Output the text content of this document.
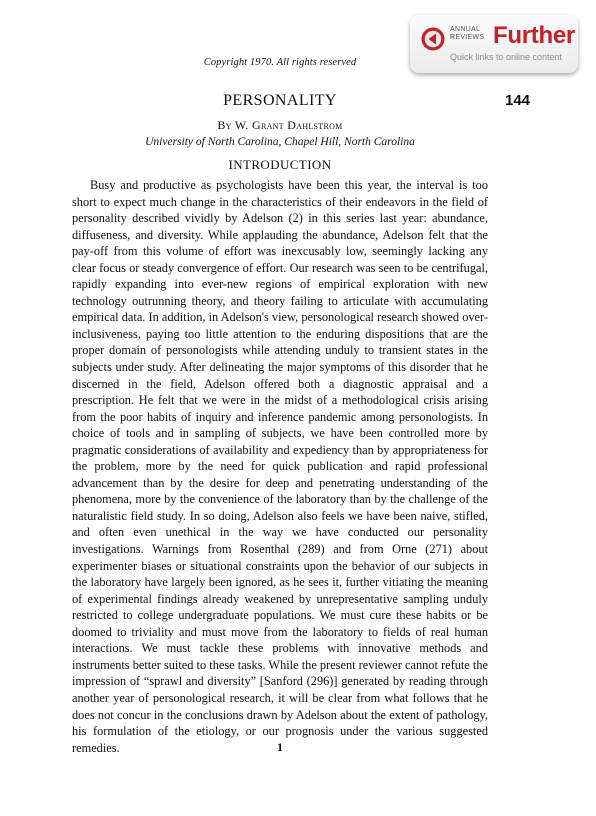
Copyright 1970. All rights reserved
ANNUAL
REVIEWS Further
Quick links to online content
PERSONALITY	144
By W. Grant Dahlstrom
University of North Carolina, Chapel Hill, North Carolina
INTRODUCTION

Busy and productive as psychologists have been this year, the interval is too short to expect much change in the characteristics of their endeavors in the field of personality described vividly by Adelson (2) in this series last year: abundance, diffuseness, and diversity. While applauding the abundance, Adelson felt that the pay-off from this volume of effort was inexcusably low, seemingly lacking any clear focus or steady convergence of effort. Our research was seen to be centrifugal, rapidly expanding into ever-new regions of empirical exploration with new technology outrunning theory, and theory failing to articulate with accumulating empirical data. In addition, in Adelson's view, personological research showed over-inclusiveness, paying too little attention to the enduring dispositions that are the proper domain of personologists while attending unduly to transient states in the subjects under study. After delineating the major symptoms of this disorder that he discerned in the field, Adelson offered both a diagnostic appraisal and a prescription. He felt that we were in the midst of a methodological crisis arising from the poor habits of inquiry and inference pandemic among personologists. In choice of tools and in sampling of subjects, we have been controlled more by pragmatic considerations of availability and expediency than by appropriateness for the problem, more by the need for quick publication and rapid professional advancement than by the desire for deep and penetrating understanding of the phenomena, more by the convenience of the laboratory than by the challenge of the naturalistic field study. In so doing, Adelson also feels we have been naive, stifled, and often even unethical in the way we have conducted our personality investigations. Warnings from Rosenthal (289) and from Orne (271) about experimenter biases or situational constraints upon the behavior of our subjects in the laboratory have largely been ignored, as he sees it, further vitiating the meaning of experimental findings already weakened by unrepresentative sampling unduly restricted to college undergraduate populations. We must cure these habits or be doomed to triviality and must move from the laboratory to fields of real human interactions. We must tackle these problems with innovative methods and instruments better suited to these tasks. While the present reviewer cannot refute the impression of “sprawl and diversity” [Sanford (296)] generated by reading through another year of personological research, it will be clear from what follows that he does not concur in the conclusions drawn by Adelson about the extent of pathology, his formulation of the etiology, or our prognosis under the various suggested remedies.	1
